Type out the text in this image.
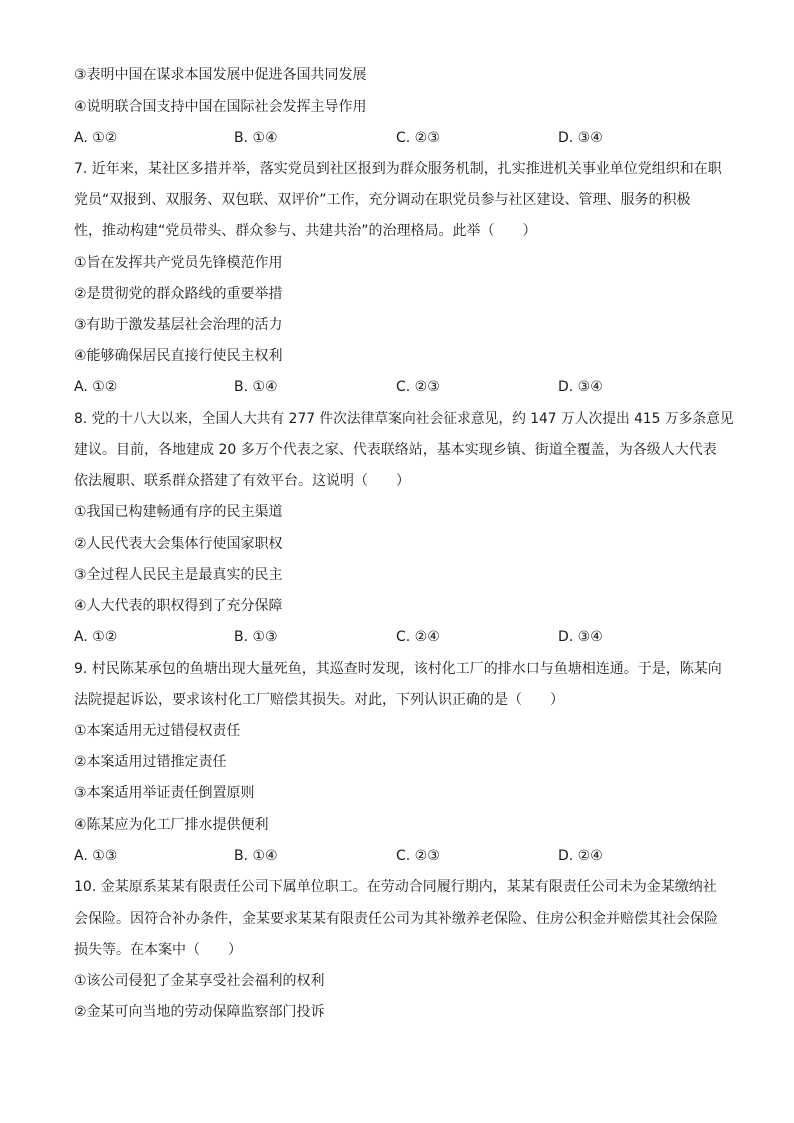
③表明中国在谋求本国发展中促进各国共同发展
④说明联合国支持中国在国际社会发挥主导作用
A. ①②	B. ①④	C. ②③	D. ③④
7. 近年来，某社区多措并举，落实党员到社区报到为群众服务机制，扎实推进机关事业单位党组织和在职
党员“双报到、双服务、双包联、双评价”工作，充分调动在职党员参与社区建设、管理、服务的积极
性，推动构建“党员带头、群众参与、共建共治”的治理格局。此举（　　）
①旨在发挥共产党员先锋模范作用
②是贯彻党的群众路线的重要举措
③有助于激发基层社会治理的活力
④能够确保居民直接行使民主权利
A. ①②	B. ①④	C. ②③	D. ③④
8. 党的十八大以来，全国人大共有 277 件次法律草案向社会征求意见，约 147 万人次提出 415 万多条意见
建议。目前，各地建成 20 多万个代表之家、代表联络站，基本实现乡镇、街道全覆盖，为各级人大代表
依法履职、联系群众搭建了有效平台。这说明（　　）
①我国已构建畅通有序的民主渠道
②人民代表大会集体行使国家职权
③全过程人民民主是最真实的民主
④人大代表的职权得到了充分保障
A. ①②	B. ①③	C. ②④	D. ③④
9. 村民陈某承包的鱼塘出现大量死鱼，其巡查时发现，该村化工厂的排水口与鱼塘相连通。于是，陈某向
法院提起诉讼，要求该村化工厂赔偿其损失。对此，下列认识正确的是（　　）
①本案适用无过错侵权责任
②本案适用过错推定责任
③本案适用举证责任倒置原则
④陈某应为化工厂排水提供便利
A. ①③	B. ①④	C. ②③	D. ②④
10. 金某原系某某有限责任公司下属单位职工。在劳动合同履行期内，某某有限责任公司未为金某缴纳社
会保险。因符合补办条件，金某要求某某有限责任公司为其补缴养老保险、住房公积金并赔偿其社会保险
损失等。在本案中（　　）
①该公司侵犯了金某享受社会福利的权利
②金某可向当地的劳动保障监察部门投诉
